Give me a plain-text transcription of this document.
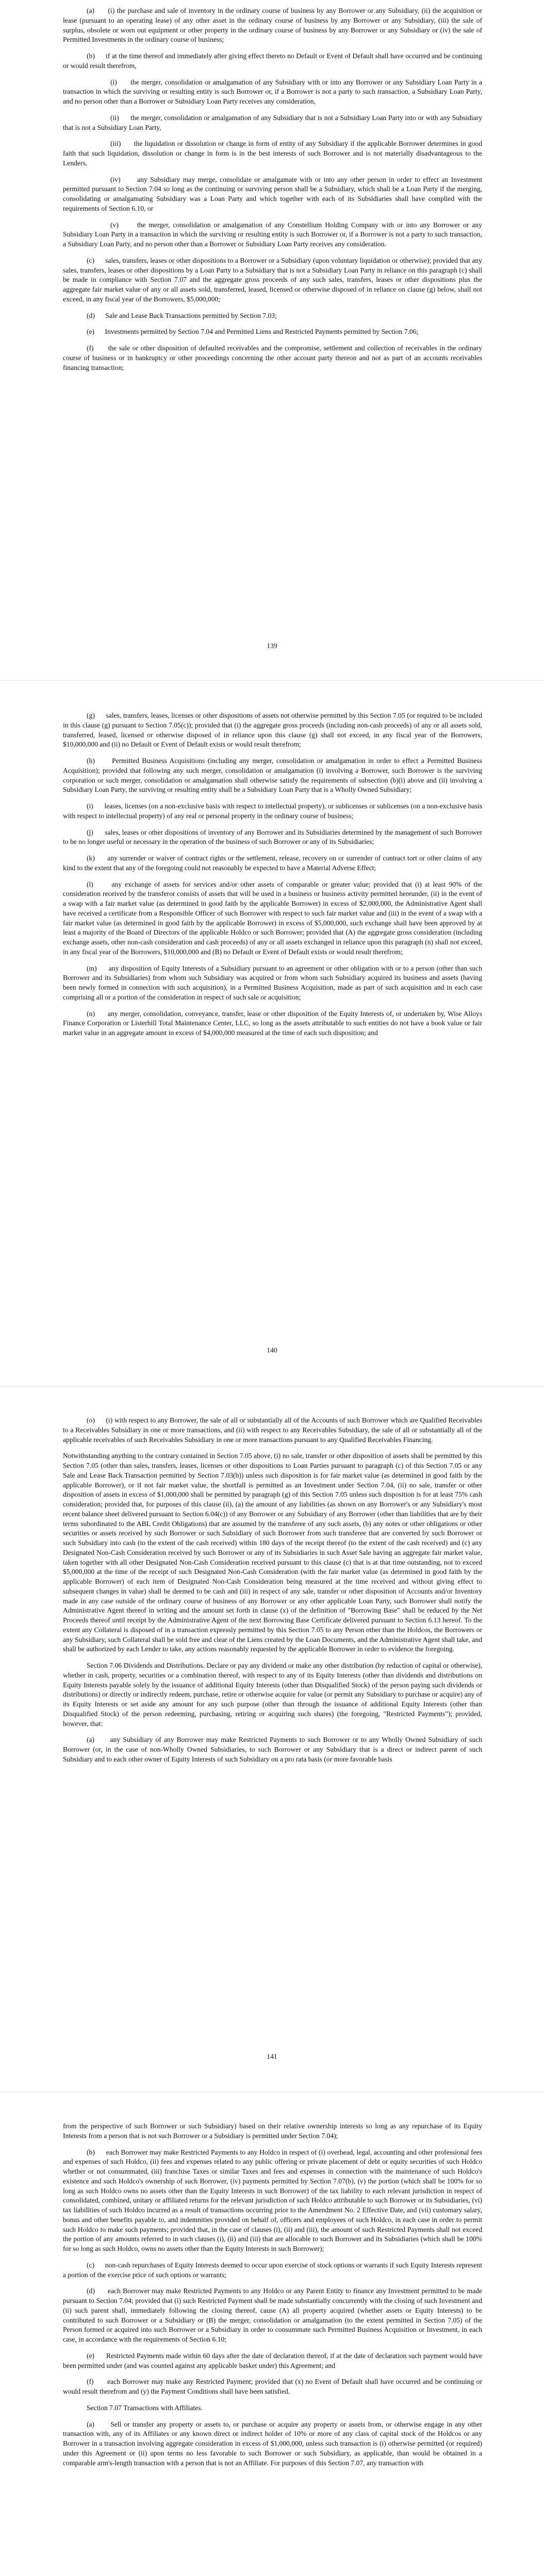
(a)      (i) the purchase and sale of inventory in the ordinary course of business by any Borrower or any Subsidiary, (ii) the acquisition or lease (pursuant to an operating lease) of any other asset in the ordinary course of business by any Borrower or any Subsidiary, (iii) the sale of surplus, obsolete or worn out equipment or other property in the ordinary course of business by any Borrower or any Subsidiary or (iv) the sale of Permitted Investments in the ordinary course of business;

(b)      if at the time thereof and immediately after giving effect thereto no Default or Event of Default shall have occurred and be continuing or would result therefrom,

(i)      the merger, consolidation or amalgamation of any Subsidiary with or into any Borrower or any Subsidiary Loan Party in a transaction in which the surviving or resulting entity is such Borrower or, if a Borrower is not a party to such transaction, a Subsidiary Loan Party, and no person other than a Borrower or Subsidiary Loan Party receives any consideration,

(ii)      the merger, consolidation or amalgamation of any Subsidiary that is not a Subsidiary Loan Party into or with any Subsidiary that is not a Subsidiary Loan Party,

(iii)      the liquidation or dissolution or change in form of entity of any Subsidiary if the applicable Borrower determines in good faith that such liquidation, dissolution or change in form is in the best interests of such Borrower and is not materially disadvantageous to the Lenders,

(iv)      any Subsidiary may merge, consolidate or amalgamate with or into any other person in order to effect an Investment permitted pursuant to Section 7.04 so long as the continuing or surviving person shall be a Subsidiary, which shall be a Loan Party if the merging, consolidating or amalgamating Subsidiary was a Loan Party and which together with each of its Subsidiaries shall have complied with the requirements of Section 6.10, or

(v)      the merger, consolidation or amalgamation of any Constellium Holding Company with or into any Borrower or any Subsidiary Loan Party in a transaction in which the surviving or resulting entity is such Borrower or, if a Borrower is not a party to such transaction, a Subsidiary Loan Party, and no person other than a Borrower or Subsidiary Loan Party receives any consideration.

(c)      sales, transfers, leases or other dispositions to a Borrower or a Subsidiary (upon voluntary liquidation or otherwise); provided that any sales, transfers, leases or other dispositions by a Loan Party to a Subsidiary that is not a Subsidiary Loan Party in reliance on this paragraph (c) shall be made in compliance with Section 7.07 and the aggregate gross proceeds of any such sales, transfers, leases or other dispositions plus the aggregate fair market value of any or all assets sold, transferred, leased, licensed or otherwise disposed of in reliance on clause (g) below, shall not exceed, in any fiscal year of the Borrowers, $5,000,000;

(d)      Sale and Lease Back Transactions permitted by Section 7.03;

(e)      Investments permitted by Section 7.04 and Permitted Liens and Restricted Payments permitted by Section 7.06;

(f)      the sale or other disposition of defaulted receivables and the compromise, settlement and collection of receivables in the ordinary course of business or in bankruptcy or other proceedings concerning the other account party thereon and not as part of an accounts receivables financing transaction;

139

(g)      sales, transfers, leases, licenses or other dispositions of assets not otherwise permitted by this Section 7.05 (or required to be included in this clause (g) pursuant to Section 7.05(c)); provided that (i) the aggregate gross proceeds (including non-cash proceeds) of any or all assets sold, transferred, leased, licensed or otherwise disposed of in reliance upon this clause (g) shall not exceed, in any fiscal year of the Borrowers, $10,000,000 and (ii) no Default or Event of Default exists or would result therefrom;

(h)      Permitted Business Acquisitions (including any merger, consolidation or amalgamation in order to effect a Permitted Business Acquisition); provided that following any such merger, consolidation or amalgamation (i) involving a Borrower, such Borrower is the surviving corporation or such merger, consolidation or amalgamation shall otherwise satisfy the requirements of subsection (b)(i) above and (ii) involving a Subsidiary Loan Party, the surviving or resulting entity shall be a Subsidiary Loan Party that is a Wholly Owned Subsidiary;

(i)      leases, licenses (on a non-exclusive basis with respect to intellectual property), or sublicenses or sublicenses (on a non-exclusive basis with respect to intellectual property) of any real or personal property in the ordinary course of business;

(j)      sales, leases or other dispositions of inventory of any Borrower and its Subsidiaries determined by the management of such Borrower to be no longer useful or necessary in the operation of the business of such Borrower or any of its Subsidiaries;

(k)      any surrender or waiver of contract rights or the settlement, release, recovery on or surrender of contract tort or other claims of any kind to the extent that any of the foregoing could not reasonably be expected to have a Material Adverse Effect;

(l)      any exchange of assets for services and/or other assets of comparable or greater value; provided that (i) at least 90% of the consideration received by the transferor consists of assets that will be used in a business or business activity permitted hereunder, (ii) in the event of a swap with a fair market value (as determined in good faith by the applicable Borrower) in excess of $2,000,000, the Administrative Agent shall have received a certificate from a Responsible Officer of such Borrower with respect to such fair market value and (iii) in the event of a swap with a fair market value (as determined in good faith by the applicable Borrower) in excess of $5,000,000, such exchange shall have been approved by at least a majority of the Board of Directors of the applicable Holdco or such Borrower; provided that (A) the aggregate gross consideration (including exchange assets, other non-cash consideration and cash proceeds) of any or all assets exchanged in reliance upon this paragraph (n) shall not exceed, in any fiscal year of the Borrowers, $10,000,000 and (B) no Default or Event of Default exists or would result therefrom;

(m)      any disposition of Equity Interests of a Subsidiary pursuant to an agreement or other obligation with or to a person (other than such Borrower and its Subsidiaries) from whom such Subsidiary was acquired or from whom such Subsidiary acquired its business and assets (having been newly formed in connection with such acquisition), in a Permitted Business Acquisition, made as part of such acquisition and in each case comprising all or a portion of the consideration in respect of such sale or acquisition;

(n)      any merger, consolidation, conveyance, transfer, lease or other disposition of the Equity Interests of, or undertaken by, Wise Alloys Finance Corporation or Listerhill Total Maintenance Center, LLC, so long as the assets attributable to such entities do not have a book value or fair market value in an aggregate amount in excess of $4,000,000 measured at the time of each such disposition; and

140

(o)      (i) with respect to any Borrower, the sale of all or substantially all of the Accounts of such Borrower which are Qualified Receivables to a Receivables Subsidiary in one or more transactions, and (ii) with respect to any Receivables Subsidiary, the sale of all or substantially all of the applicable receivables of such Receivables Subsidiary in one or more transactions pursuant to any Qualified Receivables Financing.

Notwithstanding anything to the contrary contained in Section 7.05 above, (i) no sale, transfer or other disposition of assets shall be permitted by this Section 7.05 (other than sales, transfers, leases, licenses or other dispositions to Loan Parties pursuant to paragraph (c) of this Section 7.05 or any Sale and Lease Back Transaction permitted by Section 7.03(b)) unless such disposition is for fair market value (as determined in good faith by the applicable Borrower), or if not fair market value, the shortfall is permitted as an Investment under Section 7.04, (ii) no sale, transfer or other disposition of assets in excess of $1,000,000 shall be permitted by paragraph (g) of this Section 7.05 unless such disposition is for at least 75% cash consideration; provided that, for purposes of this clause (ii), (a) the amount of any liabilities (as shown on any Borrower's or any Subsidiary's most recent balance sheet delivered pursuant to Section 6.04(c)) of any Borrower or any Subsidiary of any Borrower (other than liabilities that are by their terms subordinated to the ABL Credit Obligations) that are assumed by the transferee of any such assets, (b) any notes or other obligations or other securities or assets received by such Borrower or such Subsidiary of such Borrower from such transferee that are converted by such Borrower or such Subsidiary into cash (to the extent of the cash received) within 180 days of the receipt thereof (to the extent of the cash received) and (c) any Designated Non-Cash Consideration received by such Borrower or any of its Subsidiaries in such Asset Sale having an aggregate fair market value, taken together with all other Designated Non-Cash Consideration received pursuant to this clause (c) that is at that time outstanding, not to exceed $5,000,000 at the time of the receipt of such Designated Non-Cash Consideration (with the fair market value (as determined in good faith by the applicable Borrower) of each item of Designated Non-Cash Consideration being measured at the time received and without giving effect to subsequent changes in value) shall be deemed to be cash and (iii) in respect of any sale, transfer or other disposition of Accounts and/or Inventory made in any case outside of the ordinary course of business of any Borrower or any other applicable Loan Party, such Borrower shall notify the Administrative Agent thereof in writing and the amount set forth in clause (x) of the definition of "Borrowing Base" shall be reduced by the Net Proceeds thereof until receipt by the Administrative Agent of the next Borrowing Base Certificate delivered pursuant to Section 6.13 hereof. To the extent any Collateral is disposed of in a transaction expressly permitted by this Section 7.05 to any Person other than the Holdcos, the Borrowers or any Subsidiary, such Collateral shall be sold free and clear of the Liens created by the Loan Documents, and the Administrative Agent shall take, and shall be authorized by each Lender to take, any actions reasonably requested by the applicable Borrower in order to evidence the foregoing.

Section 7.06 Dividends and Distributions. Declare or pay any dividend or make any other distribution (by reduction of capital or otherwise), whether in cash, property, securities or a combination thereof, with respect to any of its Equity Interests (other than dividends and distributions on Equity Interests payable solely by the issuance of additional Equity Interests (other than Disqualified Stock) of the person paying such dividends or distributions) or directly or indirectly redeem, purchase, retire or otherwise acquire for value (or permit any Subsidiary to purchase or acquire) any of its Equity Interests or set aside any amount for any such purpose (other than through the issuance of additional Equity Interests (other than Disqualified Stock) of the person redeeming, purchasing, retiring or acquiring such shares) (the foregoing, "Restricted Payments"); provided, however, that:

(a)      any Subsidiary of any Borrower may make Restricted Payments to such Borrower or to any Wholly Owned Subsidiary of such Borrower (or, in the case of non-Wholly Owned Subsidiaries, to such Borrower or any Subsidiary that is a direct or indirect parent of such Subsidiary and to each other owner of Equity Interests of such Subsidiary on a pro rata basis (or more favorable basis

141

from the perspective of such Borrower or such Subsidiary) based on their relative ownership interests so long as any repurchase of its Equity Interests from a person that is not such Borrower or a Subsidiary is permitted under Section 7.04);

(b)      each Borrower may make Restricted Payments to any Holdco in respect of (i) overhead, legal, accounting and other professional fees and expenses of such Holdco, (ii) fees and expenses related to any public offering or private placement of debt or equity securities of such Holdco whether or not consummated, (iii) franchise Taxes or similar Taxes and fees and expenses in connection with the maintenance of such Holdco's existence and such Holdco's ownership of such Borrower, (iv) payments permitted by Section 7.07(b), (v) the portion (which shall be 100% for so long as such Holdco owns no assets other than the Equity Interests in such Borrower) of the tax liability to each relevant jurisdiction in respect of consolidated, combined, unitary or affiliated returns for the relevant jurisdiction of such Holdco attributable to such Borrower or its Subsidiaries, (vi) tax liabilities of such Holdco incurred as a result of transactions occurring prior to the Amendment No. 2 Effective Date, and (vii) customary salary, bonus and other benefits payable to, and indemnities provided on behalf of, officers and employees of such Holdco, in each case in order to permit such Holdco to make such payments; provided that, in the case of clauses (i), (ii) and (iii), the amount of such Restricted Payments shall not exceed the portion of any amounts referred to in such clauses (i), (ii) and (iii) that are allocable to such Borrower and its Subsidiaries (which shall be 100% for so long as such Holdco, owns no assets other than the Equity Interests in such Borrower);

(c)      non-cash repurchases of Equity Interests deemed to occur upon exercise of stock options or warrants if such Equity Interests represent a portion of the exercise price of such options or warrants;

(d)      each Borrower may make Restricted Payments to any Holdco or any Parent Entity to finance any Investment permitted to be made pursuant to Section 7.04; provided that (i) such Restricted Payment shall be made substantially concurrently with the closing of such Investment and (ii) such parent shall, immediately following the closing thereof, cause (A) all property acquired (whether assets or Equity Interests) to be contributed to such Borrower or a Subsidiary or (B) the merger, consolidation or amalgamation (to the extent permitted in Section 7.05) of the Person formed or acquired into such Borrower or a Subsidiary in order to consummate such Permitted Business Acquisition or Investment, in each case, in accordance with the requirements of Section 6.10;

(e)      Restricted Payments made within 60 days after the date of declaration thereof, if at the date of declaration such payment would have been permitted under (and was counted against any applicable basket under) this Agreement; and

(f)      each Borrower may make any Restricted Payment; provided that (x) no Event of Default shall have occurred and be continuing or would result therefrom and (y) the Payment Conditions shall have been satisfied.

Section 7.07 Transactions with Affiliates.

(a)      Sell or transfer any property or assets to, or purchase or acquire any property or assets from, or otherwise engage in any other transaction with, any of its Affiliates or any known direct or indirect holder of 10% or more of any class of capital stock of the Holdcos or any Borrower in a transaction involving aggregate consideration in excess of $1,000,000, unless such transaction is (i) otherwise permitted (or required) under this Agreement or (ii) upon terms no less favorable to such Borrower or such Subsidiary, as applicable, than would be obtained in a comparable arm's-length transaction with a person that is not an Affiliate. For purposes of this Section 7.07, any transaction with
